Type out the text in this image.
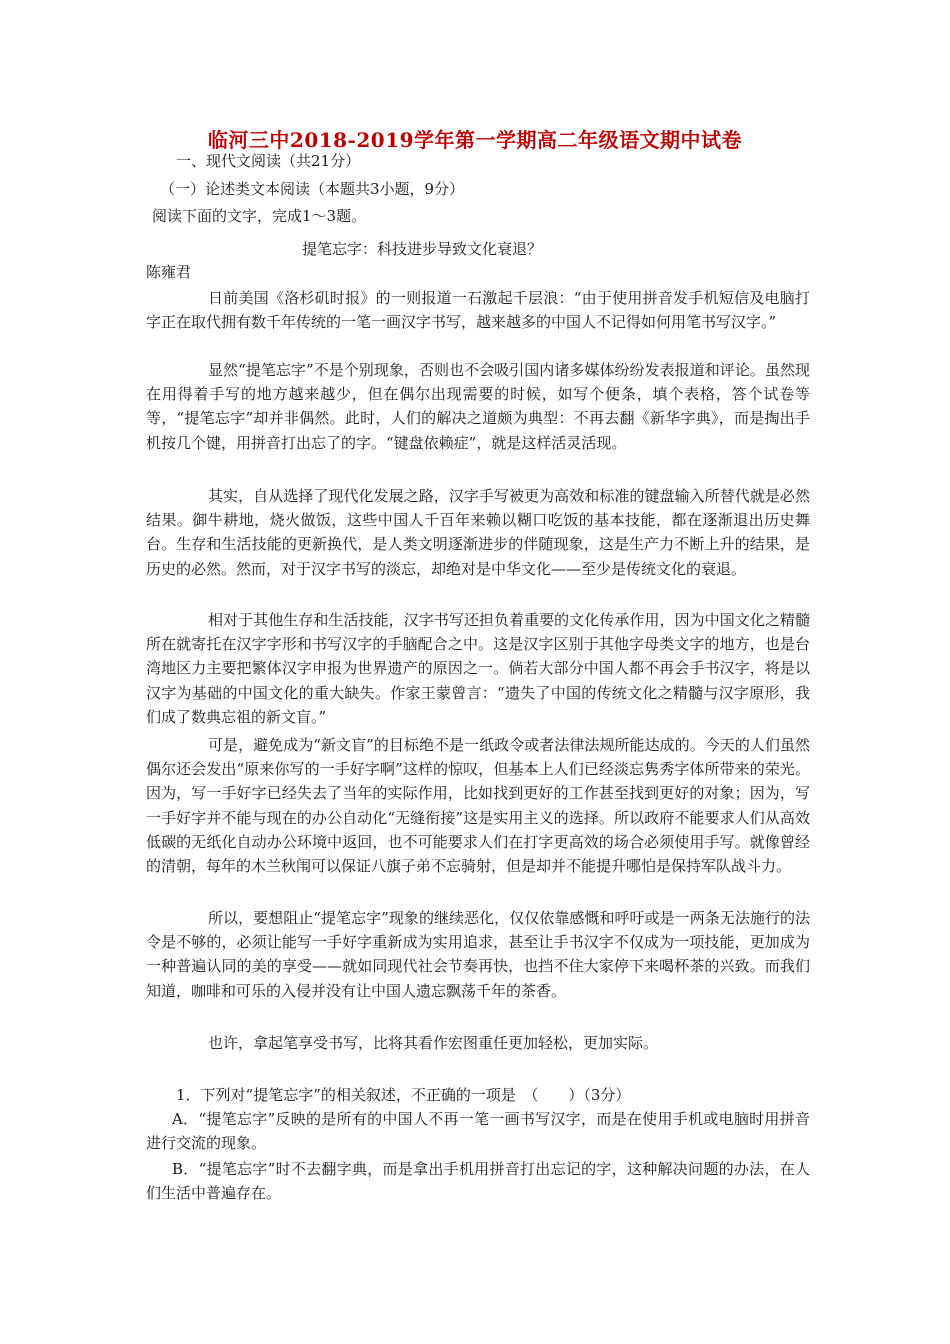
临河三中2018-2019学年第一学期高二年级语文期中试卷
一、现代文阅读（共21分）
（一）论述类文本阅读（本题共3小题，9分）
阅读下面的文字，完成1～3题。
提笔忘字：科技进步导致文化衰退？
陈雍君

日前美国《洛杉矶时报》的一则报道一石激起千层浪：“由于使用拼音发手机短信及电脑打字正在取代拥有数千年传统的一笔一画汉字书写，越来越多的中国人不记得如何用笔书写汉字。”

显然“提笔忘字”不是个别现象，否则也不会吸引国内诸多媒体纷纷发表报道和评论。虽然现在用得着手写的地方越来越少，但在偶尔出现需要的时候，如写个便条，填个表格，答个试卷等等，“提笔忘字”却并非偶然。此时，人们的解决之道颇为典型：不再去翻《新华字典》，而是掏出手机按几个键，用拼音打出忘了的字。“键盘依赖症”，就是这样活灵活现。

其实，自从选择了现代化发展之路，汉字手写被更为高效和标准的键盘输入所替代就是必然结果。御牛耕地，烧火做饭，这些中国人千百年来赖以糊口吃饭的基本技能，都在逐渐退出历史舞台。生存和生活技能的更新换代，是人类文明逐渐进步的伴随现象，这是生产力不断上升的结果，是历史的必然。然而，对于汉字书写的淡忘，却绝对是中华文化——至少是传统文化的衰退。

相对于其他生存和生活技能，汉字书写还担负着重要的文化传承作用，因为中国文化之精髓所在就寄托在汉字字形和书写汉字的手脑配合之中。这是汉字区别于其他字母类文字的地方，也是台湾地区力主要把繁体汉字申报为世界遗产的原因之一。倘若大部分中国人都不再会手书汉字，将是以汉字为基础的中国文化的重大缺失。作家王蒙曾言：“遗失了中国的传统文化之精髓与汉字原形，我们成了数典忘祖的新文盲。”

可是，避免成为“新文盲”的目标绝不是一纸政令或者法律法规所能达成的。今天的人们虽然偶尔还会发出“原来你写的一手好字啊”这样的惊叹，但基本上人们已经淡忘隽秀字体所带来的荣光。因为，写一手好字已经失去了当年的实际作用，比如找到更好的工作甚至找到更好的对象；因为，写一手好字并不能与现在的办公自动化“无缝衔接”这是实用主义的选择。所以政府不能要求人们从高效低碳的无纸化自动办公环境中返回，也不可能要求人们在打字更高效的场合必须使用手写。就像曾经的清朝，每年的木兰秋闱可以保证八旗子弟不忘骑射，但是却并不能提升哪怕是保持军队战斗力。

所以，要想阻止“提笔忘字”现象的继续恶化，仅仅依靠感慨和呼吁或是一两条无法施行的法令是不够的，必须让能写一手好字重新成为实用追求，甚至让手书汉字不仅成为一项技能，更加成为一种普遍认同的美的享受——就如同现代社会节奏再快，也挡不住大家停下来喝杯茶的兴致。而我们知道，咖啡和可乐的入侵并没有让中国人遗忘飘荡千年的茶香。

也许，拿起笔享受书写，比将其看作宏图重任更加轻松，更加实际。

1．下列对“提笔忘字”的相关叙述，不正确的一项是　（　　）（3分）

A．“提笔忘字”反映的是所有的中国人不再一笔一画书写汉字，而是在使用手机或电脑时用拼音进行交流的现象。

B．“提笔忘字”时不去翻字典，而是拿出手机用拼音打出忘记的字，这种解决问题的办法，在人们生活中普遍存在。
